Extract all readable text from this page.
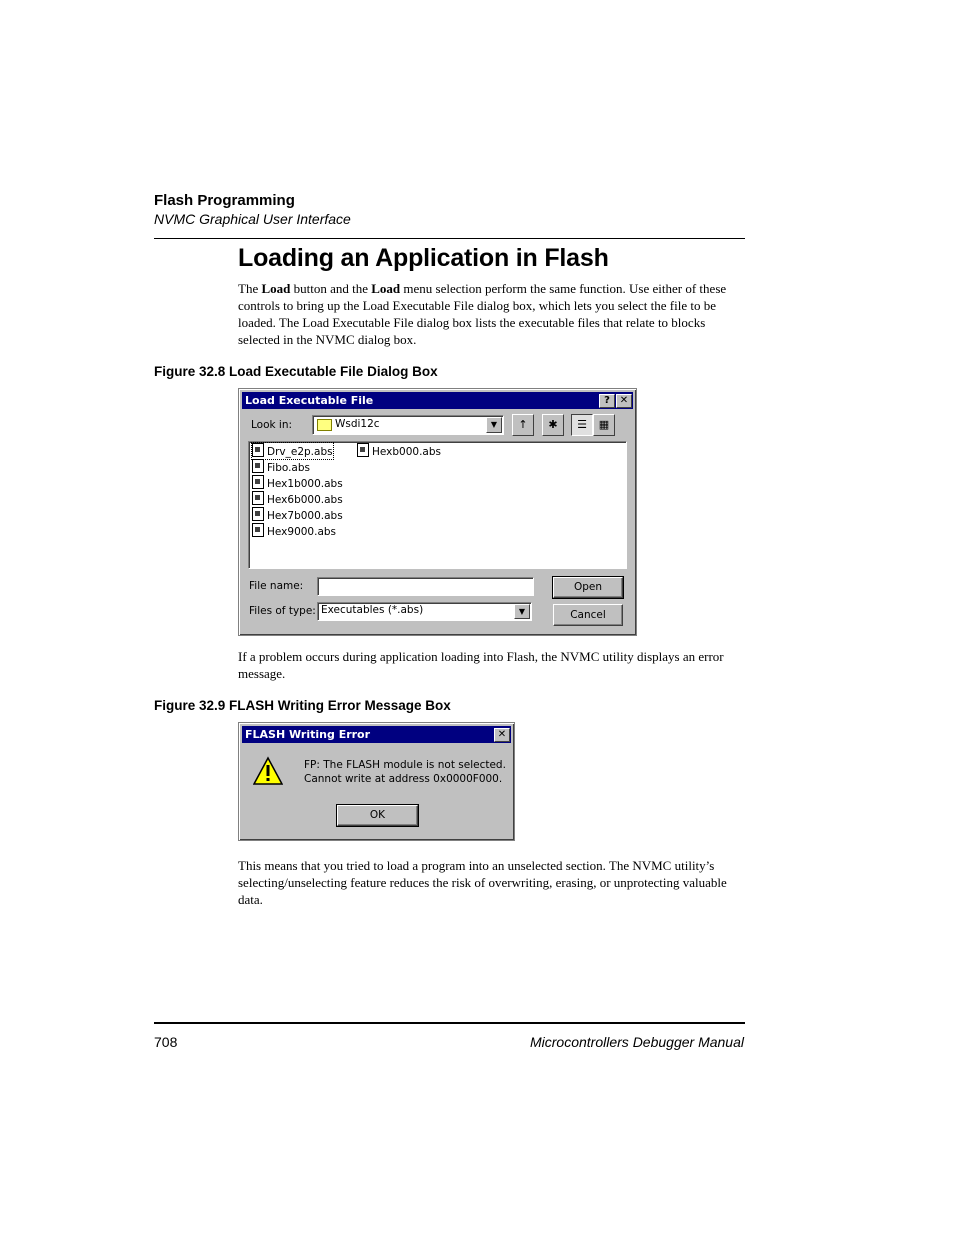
Flash Programming
NVMC Graphical User Interface
Loading an Application in Flash
The Load button and the Load menu selection perform the same function. Use either of these controls to bring up the Load Executable File dialog box, which lets you select the file to be loaded. The Load Executable File dialog box lists the executable files that relate to blocks selected in the NVMC dialog box.
Figure 32.8 Load Executable File Dialog Box
Load Executable File	? ✕
Look in:	Wsdi12c	▼	↑	✱	☰	▦
Drv_e2p.abs
Fibo.abs
Hex1b000.abs
Hex6b000.abs
Hex7b000.abs
Hex9000.abs
Hexb000.abs
File name:	Open
Files of type: Executables (*.abs)	▼	Cancel
If a problem occurs during application loading into Flash, the NVMC utility displays an error message.
Figure 32.9 FLASH Writing Error Message Box
FLASH Writing Error	✕
FP: The FLASH module is not selected.
Cannot write at address 0x0000F000.
OK
This means that you tried to load a program into an unselected section. The NVMC utility’s selecting/unselecting feature reduces the risk of overwriting, erasing, or unprotecting valuable data.
708	Microcontrollers Debugger Manual
